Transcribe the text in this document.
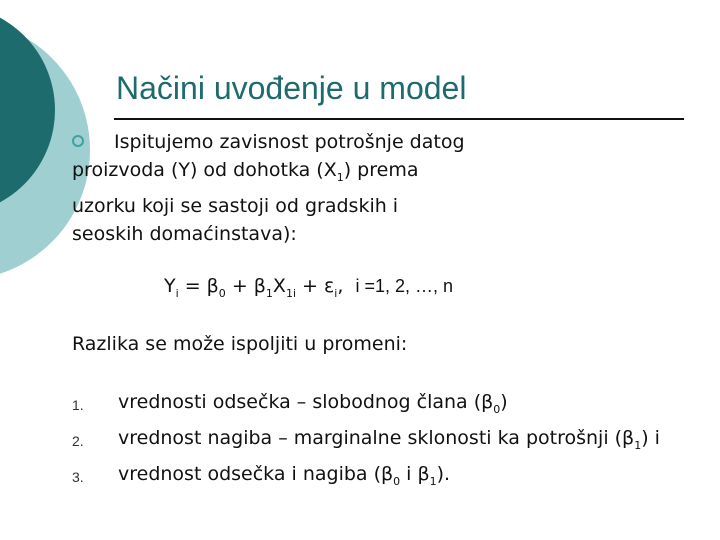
Načini uvođenje u model

Ispitujemo zavisnost potrošnje datog
proizvoda (Y) od dohotka $(X_1)$ prema
uzorku koji se sastoji od gradskih i
seoskih domaćinstava):

$Y_i = \beta_0 + \beta_1X_{1i} + \varepsilon_i$, i =1, 2, …, n

Razlika se može ispoljiti u promeni:

1. vrednosti odsečka – slobodnog člana $(\beta_0)$
2. vrednost nagiba – marginalne sklonosti ka potrošnji $(\beta_1)$ i
3. vrednost odsečka i nagiba ($\beta_0$ i $\beta_1$).
